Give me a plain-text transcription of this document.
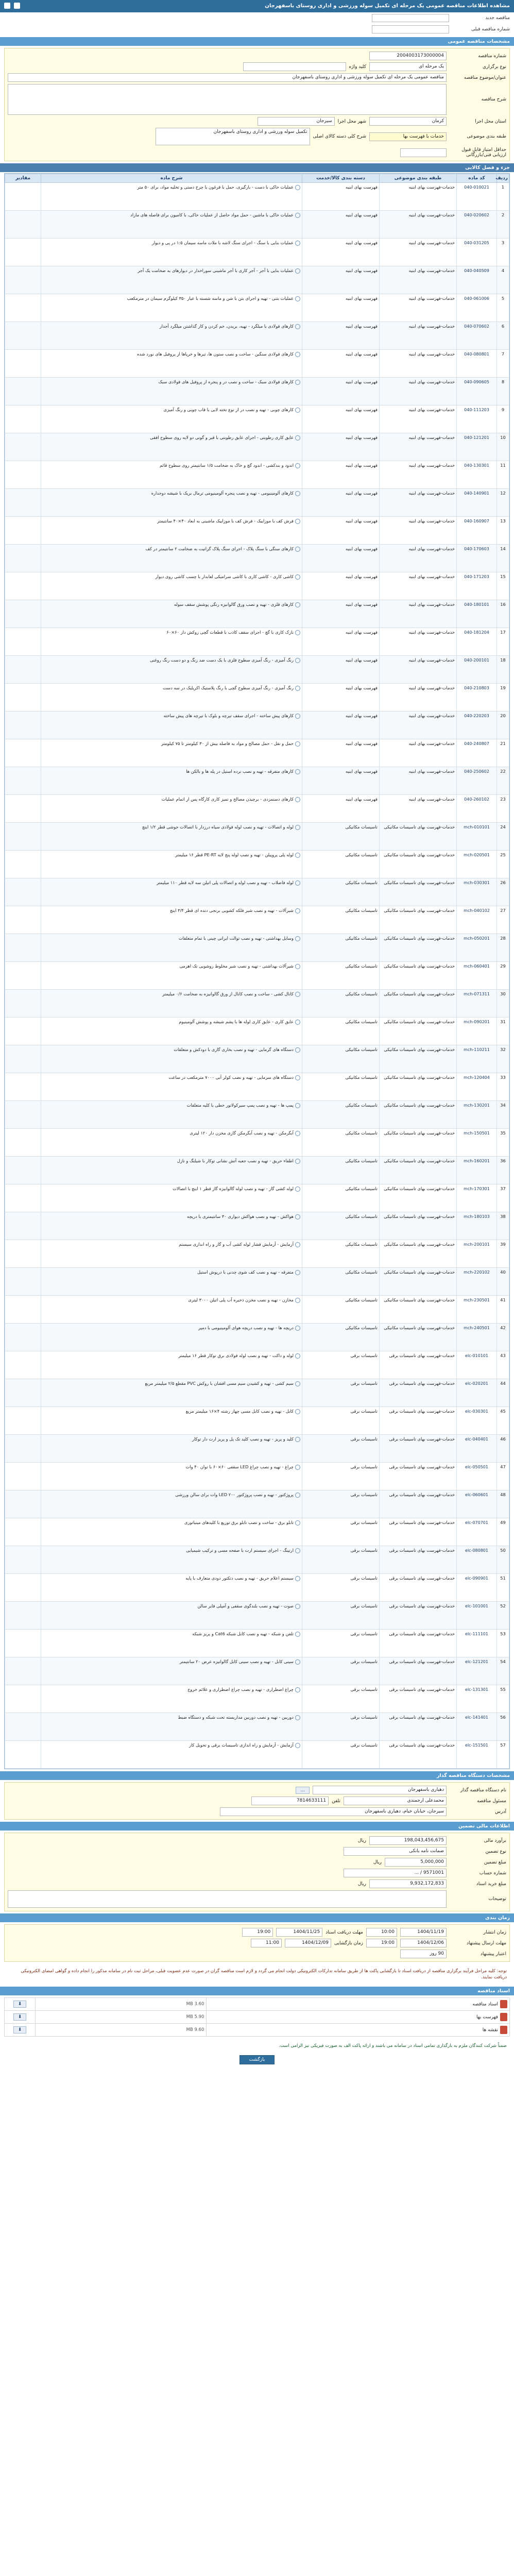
مشاهده اطلاعات مناقصه عمومی یک مرحله ای تکمیل سوله ورزشی و اداری روستای باسفهرجان

مناقصه جدید
شماره مناقصه قبلی
مشخصات مناقصه عمومی
شماره مناقصه
2004003173000004
نوع برگزاری
یک مرحله ای
کلید واژه
عنوان/موضوع مناقصه
مناقصه عمومی یک مرحله ای تکمیل سوله ورزشی و اداری روستای باسفهرجان
شرح مناقصه
استان محل اجرا
کرمان
شهر محل اجرا
سیرجان
طبقه بندی موضوعی
خدمات با فهرست بها
شرح کلی دسته کالای اصلی
تکمیل سوله ورزشی و اداری روستای باسفهرجان
حداقل امتیاز قابل قبول ارزیابی فنی/بازرگانی
جزء و فصل کالایی
ردیف	کد ماده	طبقه بندی موضوعی	دسته بندی کالا/خدمت	شرح ماده	مقادیر
1	040-010021	خدمات-فهرست بهای ابنیه	فهرست بهای ابنیه	عملیات خاکی با دست - بارگیری، حمل با فرغون یا چرخ دستی و تخلیه مواد، برای ۵۰ متر	

2	040-020602	خدمات-فهرست بهای ابنیه	فهرست بهای ابنیه	عملیات خاکی با ماشین - حمل مواد حاصل از عملیات خاکی، با کامیون برای فاصله های مازاد	

3	040-031205	خدمات-فهرست بهای ابنیه	فهرست بهای ابنیه	عملیات بنایی با سنگ - اجرای سنگ لاشه با ملات ماسه سیمان ۱:۵ در پی و دیوار	

4	040-040509	خدمات-فهرست بهای ابنیه	فهرست بهای ابنیه	عملیات بنایی با آجر - آجر کاری با آجر ماشینی سوراخدار در دیوارهای به ضخامت یک آجر	

5	040-061006	خدمات-فهرست بهای ابنیه	فهرست بهای ابنیه	عملیات بتنی - تهیه و اجرای بتن با شن و ماسه شسته با عیار ۳۵۰ کیلوگرم سیمان در مترمکعب	

6	040-070602	خدمات-فهرست بهای ابنیه	فهرست بهای ابنیه	کارهای فولادی با میلگرد - تهیه، بریدن، خم کردن و کار گذاشتن میلگرد آجدار	

7	040-080801	خدمات-فهرست بهای ابنیه	فهرست بهای ابنیه	کارهای فولادی سنگین - ساخت و نصب ستون ها، تیرها و خرپاها از پروفیل های نورد شده	

8	040-090605	خدمات-فهرست بهای ابنیه	فهرست بهای ابنیه	کارهای فولادی سبک - ساخت و نصب در و پنجره از پروفیل های فولادی سبک	

9	040-111203	خدمات-فهرست بهای ابنیه	فهرست بهای ابنیه	کارهای چوبی - تهیه و نصب در از نوع تخته لایی با قاب چوبی و رنگ آمیزی	

10	040-121201	خدمات-فهرست بهای ابنیه	فهرست بهای ابنیه	عایق کاری رطوبتی - اجرای عایق رطوبتی با قیر و گونی دو لایه روی سطوح افقی	

11	040-130301	خدمات-فهرست بهای ابنیه	فهرست بهای ابنیه	اندود و بندکشی - اندود گچ و خاک به ضخامت ۱/۵ سانتیمتر روی سطوح قائم	

12	040-140901	خدمات-فهرست بهای ابنیه	فهرست بهای ابنیه	کارهای آلومینیومی - تهیه و نصب پنجره آلومینیومی ترمال بریک با شیشه دوجداره	

13	040-160907	خدمات-فهرست بهای ابنیه	فهرست بهای ابنیه	فرش کف با موزاییک - فرش کف با موزاییک ماشینی به ابعاد ۴۰×۴۰ سانتیمتر	

14	040-170603	خدمات-فهرست بهای ابنیه	فهرست بهای ابنیه	کارهای سنگی با سنگ پلاک - اجرای سنگ پلاک گرانیت به ضخامت ۲ سانتیمتر در کف	

15	040-171203	خدمات-فهرست بهای ابنیه	فهرست بهای ابنیه	کاشی کاری - کاشی کاری با کاشی سرامیکی لعابدار با چسب کاشی روی دیوار	

16	040-180101	خدمات-فهرست بهای ابنیه	فهرست بهای ابنیه	کارهای فلزی - تهیه و نصب ورق گالوانیزه رنگی پوشش سقف سوله	

17	040-181204	خدمات-فهرست بهای ابنیه	فهرست بهای ابنیه	نازک کاری با گچ - اجرای سقف کاذب با قطعات گچی روکش دار ۶۰×۶۰	

18	040-200101	خدمات-فهرست بهای ابنیه	فهرست بهای ابنیه	رنگ آمیزی - رنگ آمیزی سطوح فلزی با یک دست ضد زنگ و دو دست رنگ روغنی	

19	040-210803	خدمات-فهرست بهای ابنیه	فهرست بهای ابنیه	رنگ آمیزی - رنگ آمیزی سطوح گچی با رنگ پلاستیک اکریلیک در سه دست	

20	040-220203	خدمات-فهرست بهای ابنیه	فهرست بهای ابنیه	کارهای پیش ساخته - اجرای سقف تیرچه و بلوک با تیرچه های پیش ساخته	

21	040-240807	خدمات-فهرست بهای ابنیه	فهرست بهای ابنیه	حمل و نقل - حمل مصالح و مواد به فاصله بیش از ۳۰ کیلومتر تا ۷۵ کیلومتر	

22	040-250602	خدمات-فهرست بهای ابنیه	فهرست بهای ابنیه	کارهای متفرقه - تهیه و نصب نرده استیل در پله ها و بالکن ها	

23	040-260102	خدمات-فهرست بهای ابنیه	فهرست بهای ابنیه	کارهای دستمزدی - برچیدن مصالح و تمیز کاری کارگاه پس از اتمام عملیات	

24	mch-010101	خدمات-فهرست بهای تاسیسات مکانیکی	تاسیسات مکانیکی	لوله و اتصالات - تهیه و نصب لوله فولادی سیاه درزدار با اتصالات جوشی قطر ۱/۲ اینچ	

25	mch-020501	خدمات-فهرست بهای تاسیسات مکانیکی	تاسیسات مکانیکی	لوله پلی پروپیلن - تهیه و نصب لوله پنج لایه PE-RT قطر ۱۶ میلیمتر	

26	mch-030301	خدمات-فهرست بهای تاسیسات مکانیکی	تاسیسات مکانیکی	لوله فاضلاب - تهیه و نصب لوله و اتصالات پلی اتیلن سه لایه قطر ۱۱۰ میلیمتر	

27	mch-040102	خدمات-فهرست بهای تاسیسات مکانیکی	تاسیسات مکانیکی	شیرآلات - تهیه و نصب شیر فلکه کشویی برنجی دنده ای قطر ۳/۴ اینچ	

28	mch-050201	خدمات-فهرست بهای تاسیسات مکانیکی	تاسیسات مکانیکی	وسایل بهداشتی - تهیه و نصب توالت ایرانی چینی با تمام متعلقات	

29	mch-060401	خدمات-فهرست بهای تاسیسات مکانیکی	تاسیسات مکانیکی	شیرآلات بهداشتی - تهیه و نصب شیر مخلوط روشویی تک اهرمی	

30	mch-071311	خدمات-فهرست بهای تاسیسات مکانیکی	تاسیسات مکانیکی	کانال کشی - ساخت و نصب کانال از ورق گالوانیزه به ضخامت ۰/۶ میلیمتر	

31	mch-090201	خدمات-فهرست بهای تاسیسات مکانیکی	تاسیسات مکانیکی	عایق کاری - عایق کاری لوله ها با پشم شیشه و پوشش آلومینیوم	

32	mch-110211	خدمات-فهرست بهای تاسیسات مکانیکی	تاسیسات مکانیکی	دستگاه های گرمایی - تهیه و نصب بخاری گازی با دودکش و متعلقات	

33	mch-120404	خدمات-فهرست بهای تاسیسات مکانیکی	تاسیسات مکانیکی	دستگاه های سرمایی - تهیه و نصب کولر آبی ۷۰۰۰ مترمکعب در ساعت	

34	mch-130201	خدمات-فهرست بهای تاسیسات مکانیکی	تاسیسات مکانیکی	پمپ ها - تهیه و نصب پمپ سیرکولاتور خطی با کلیه متعلقات	

35	mch-150501	خدمات-فهرست بهای تاسیسات مکانیکی	تاسیسات مکانیکی	آبگرمکن - تهیه و نصب آبگرمکن گازی مخزن دار ۱۲۰ لیتری	

36	mch-160201	خدمات-فهرست بهای تاسیسات مکانیکی	تاسیسات مکانیکی	اطفاء حریق - تهیه و نصب جعبه آتش نشانی توکار با شیلنگ و نازل	

37	mch-170301	خدمات-فهرست بهای تاسیسات مکانیکی	تاسیسات مکانیکی	لوله کشی گاز - تهیه و نصب لوله گالوانیزه گاز قطر ۱ اینچ با اتصالات	

38	mch-180103	خدمات-فهرست بهای تاسیسات مکانیکی	تاسیسات مکانیکی	هواکش - تهیه و نصب هواکش دیواری ۳۰ سانتیمتری با دریچه	

39	mch-200101	خدمات-فهرست بهای تاسیسات مکانیکی	تاسیسات مکانیکی	آزمایش - آزمایش فشار لوله کشی آب و گاز و راه اندازی سیستم	

40	mch-220102	خدمات-فهرست بهای تاسیسات مکانیکی	تاسیسات مکانیکی	متفرقه - تهیه و نصب کف شوی چدنی با درپوش استیل	

41	mch-230501	خدمات-فهرست بهای تاسیسات مکانیکی	تاسیسات مکانیکی	مخازن - تهیه و نصب مخزن ذخیره آب پلی اتیلن ۳۰۰۰ لیتری	

42	mch-240501	خدمات-فهرست بهای تاسیسات مکانیکی	تاسیسات مکانیکی	دریچه ها - تهیه و نصب دریچه هوای آلومینیومی با دمپر	

43	elc-010101	خدمات-فهرست بهای تاسیسات برقی	تاسیسات برقی	لوله و داکت - تهیه و نصب لوله فولادی برق توکار قطر ۱۶ میلیمتر	

44	elc-020201	خدمات-فهرست بهای تاسیسات برقی	تاسیسات برقی	سیم کشی - تهیه و کشیدن سیم مسی افشان با روکش PVC مقطع ۲/۵ میلیمتر مربع	

45	elc-030301	خدمات-فهرست بهای تاسیسات برقی	تاسیسات برقی	کابل - تهیه و نصب کابل مسی چهار رشته ۴×۱۶ میلیمتر مربع	

46	elc-040401	خدمات-فهرست بهای تاسیسات برقی	تاسیسات برقی	کلید و پریز - تهیه و نصب کلید تک پل و پریز ارت دار توکار	

47	elc-050501	خدمات-فهرست بهای تاسیسات برقی	تاسیسات برقی	چراغ - تهیه و نصب چراغ LED سقفی ۶۰×۶۰ با توان ۴۰ وات	

48	elc-060601	خدمات-فهرست بهای تاسیسات برقی	تاسیسات برقی	پروژکتور - تهیه و نصب پروژکتور LED ۲۰۰ وات برای سالن ورزشی	

49	elc-070701	خدمات-فهرست بهای تاسیسات برقی	تاسیسات برقی	تابلو برق - ساخت و نصب تابلو برق توزیع با کلیدهای مینیاتوری	

50	elc-080801	خدمات-فهرست بهای تاسیسات برقی	تاسیسات برقی	ارتینگ - اجرای سیستم ارت با صفحه مسی و ترکیب شیمیایی	

51	elc-090901	خدمات-فهرست بهای تاسیسات برقی	تاسیسات برقی	سیستم اعلام حریق - تهیه و نصب دتکتور دودی متعارف با پایه	

52	elc-101001	خدمات-فهرست بهای تاسیسات برقی	تاسیسات برقی	صوت - تهیه و نصب بلندگوی سقفی و آمپلی فایر سالن	

53	elc-111101	خدمات-فهرست بهای تاسیسات برقی	تاسیسات برقی	تلفن و شبکه - تهیه و نصب کابل شبکه Cat6 و پریز شبکه	

54	elc-121201	خدمات-فهرست بهای تاسیسات برقی	تاسیسات برقی	سینی کابل - تهیه و نصب سینی کابل گالوانیزه عرض ۲۰ سانتیمتر	

55	elc-131301	خدمات-فهرست بهای تاسیسات برقی	تاسیسات برقی	چراغ اضطراری - تهیه و نصب چراغ اضطراری و علائم خروج	

56	elc-141401	خدمات-فهرست بهای تاسیسات برقی	تاسیسات برقی	دوربین - تهیه و نصب دوربین مداربسته تحت شبکه و دستگاه ضبط	

57	elc-151501	خدمات-فهرست بهای تاسیسات برقی	تاسیسات برقی	آزمایش - آزمایش و راه اندازی تاسیسات برقی و تحویل کار	

مشخصات دستگاه مناقصه گذار
نام دستگاه مناقصه گذار
دهیاری باسفهرجان
...
مسئول مناقصه
محمدعلی ارجمندی
تلفن
7814633111
آدرس
سیرجان، خیابان خیام، دهیاری باسفهرجان
اطلاعات مالی تضمین
برآورد مالی
198,043,456,675
ریال
نوع تضمین
ضمانت نامه بانکی
مبلغ تضمین
5,000,000
ریال
شماره حساب
9571001 / ...
مبلغ خرید اسناد
9,932,172,833
ریال
توضیحات
زمان بندی
زمان انتشار
1404/11/19
10:00
مهلت دریافت اسناد
1404/11/25
19:00
مهلت ارسال پیشنهاد
1404/12/06
19:00
زمان بازگشایی
1404/12/09
11:00
اعتبار پیشنهاد
90 روز
توجه: کلیه مراحل فرآیند برگزاری مناقصه از دریافت اسناد تا بازگشایی پاکت ها از طریق سامانه تدارکات الکترونیکی دولت انجام می گردد و لازم است مناقصه گران در صورت عدم عضویت قبلی، مراحل ثبت نام در سامانه مذکور را انجام داده و گواهی امضای الکترونیکی دریافت نمایند.
اسناد مناقصه
اسناد مناقصه	3.60 MB	⬇
فهرست بها	5.90 MB	⬇
نقشه ها	9.60 MB	⬇
ضمناً شرکت کنندگان ملزم به بارگذاری تمامی اسناد در سامانه می باشند و ارائه پاکت الف به صورت فیزیکی نیز الزامی است.
بازگشت
